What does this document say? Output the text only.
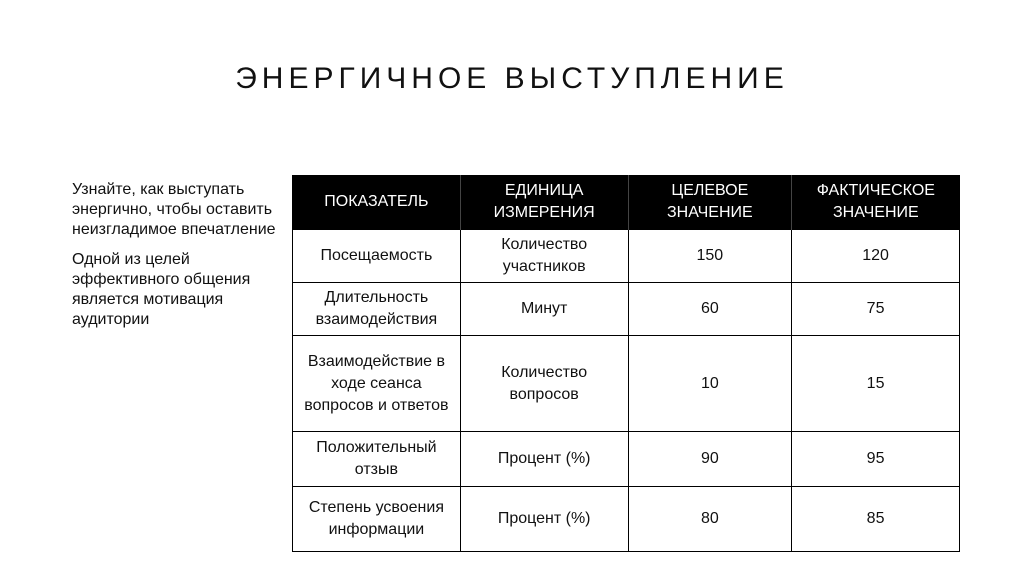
ЭНЕРГИЧНОЕ ВЫСТУПЛЕНИЕ

Узнайте, как выступать энергично, чтобы оставить неизгладимое впечатление

Одной из целей эффективного общения является мотивация аудитории

ПОКАЗАТЕЛЬ	ЕДИНИЦА ИЗМЕРЕНИЯ	ЦЕЛЕВОЕ ЗНАЧЕНИЕ	ФАКТИЧЕСКОЕ ЗНАЧЕНИЕ
Посещаемость	Количество участников	150	120
Длительность взаимодействия	Минут	60	75
Взаимодействие в ходе сеанса вопросов и ответов	Количество вопросов	10	15
Положительный отзыв	Процент (%)	90	95
Степень усвоения информации	Процент (%)	80	85
